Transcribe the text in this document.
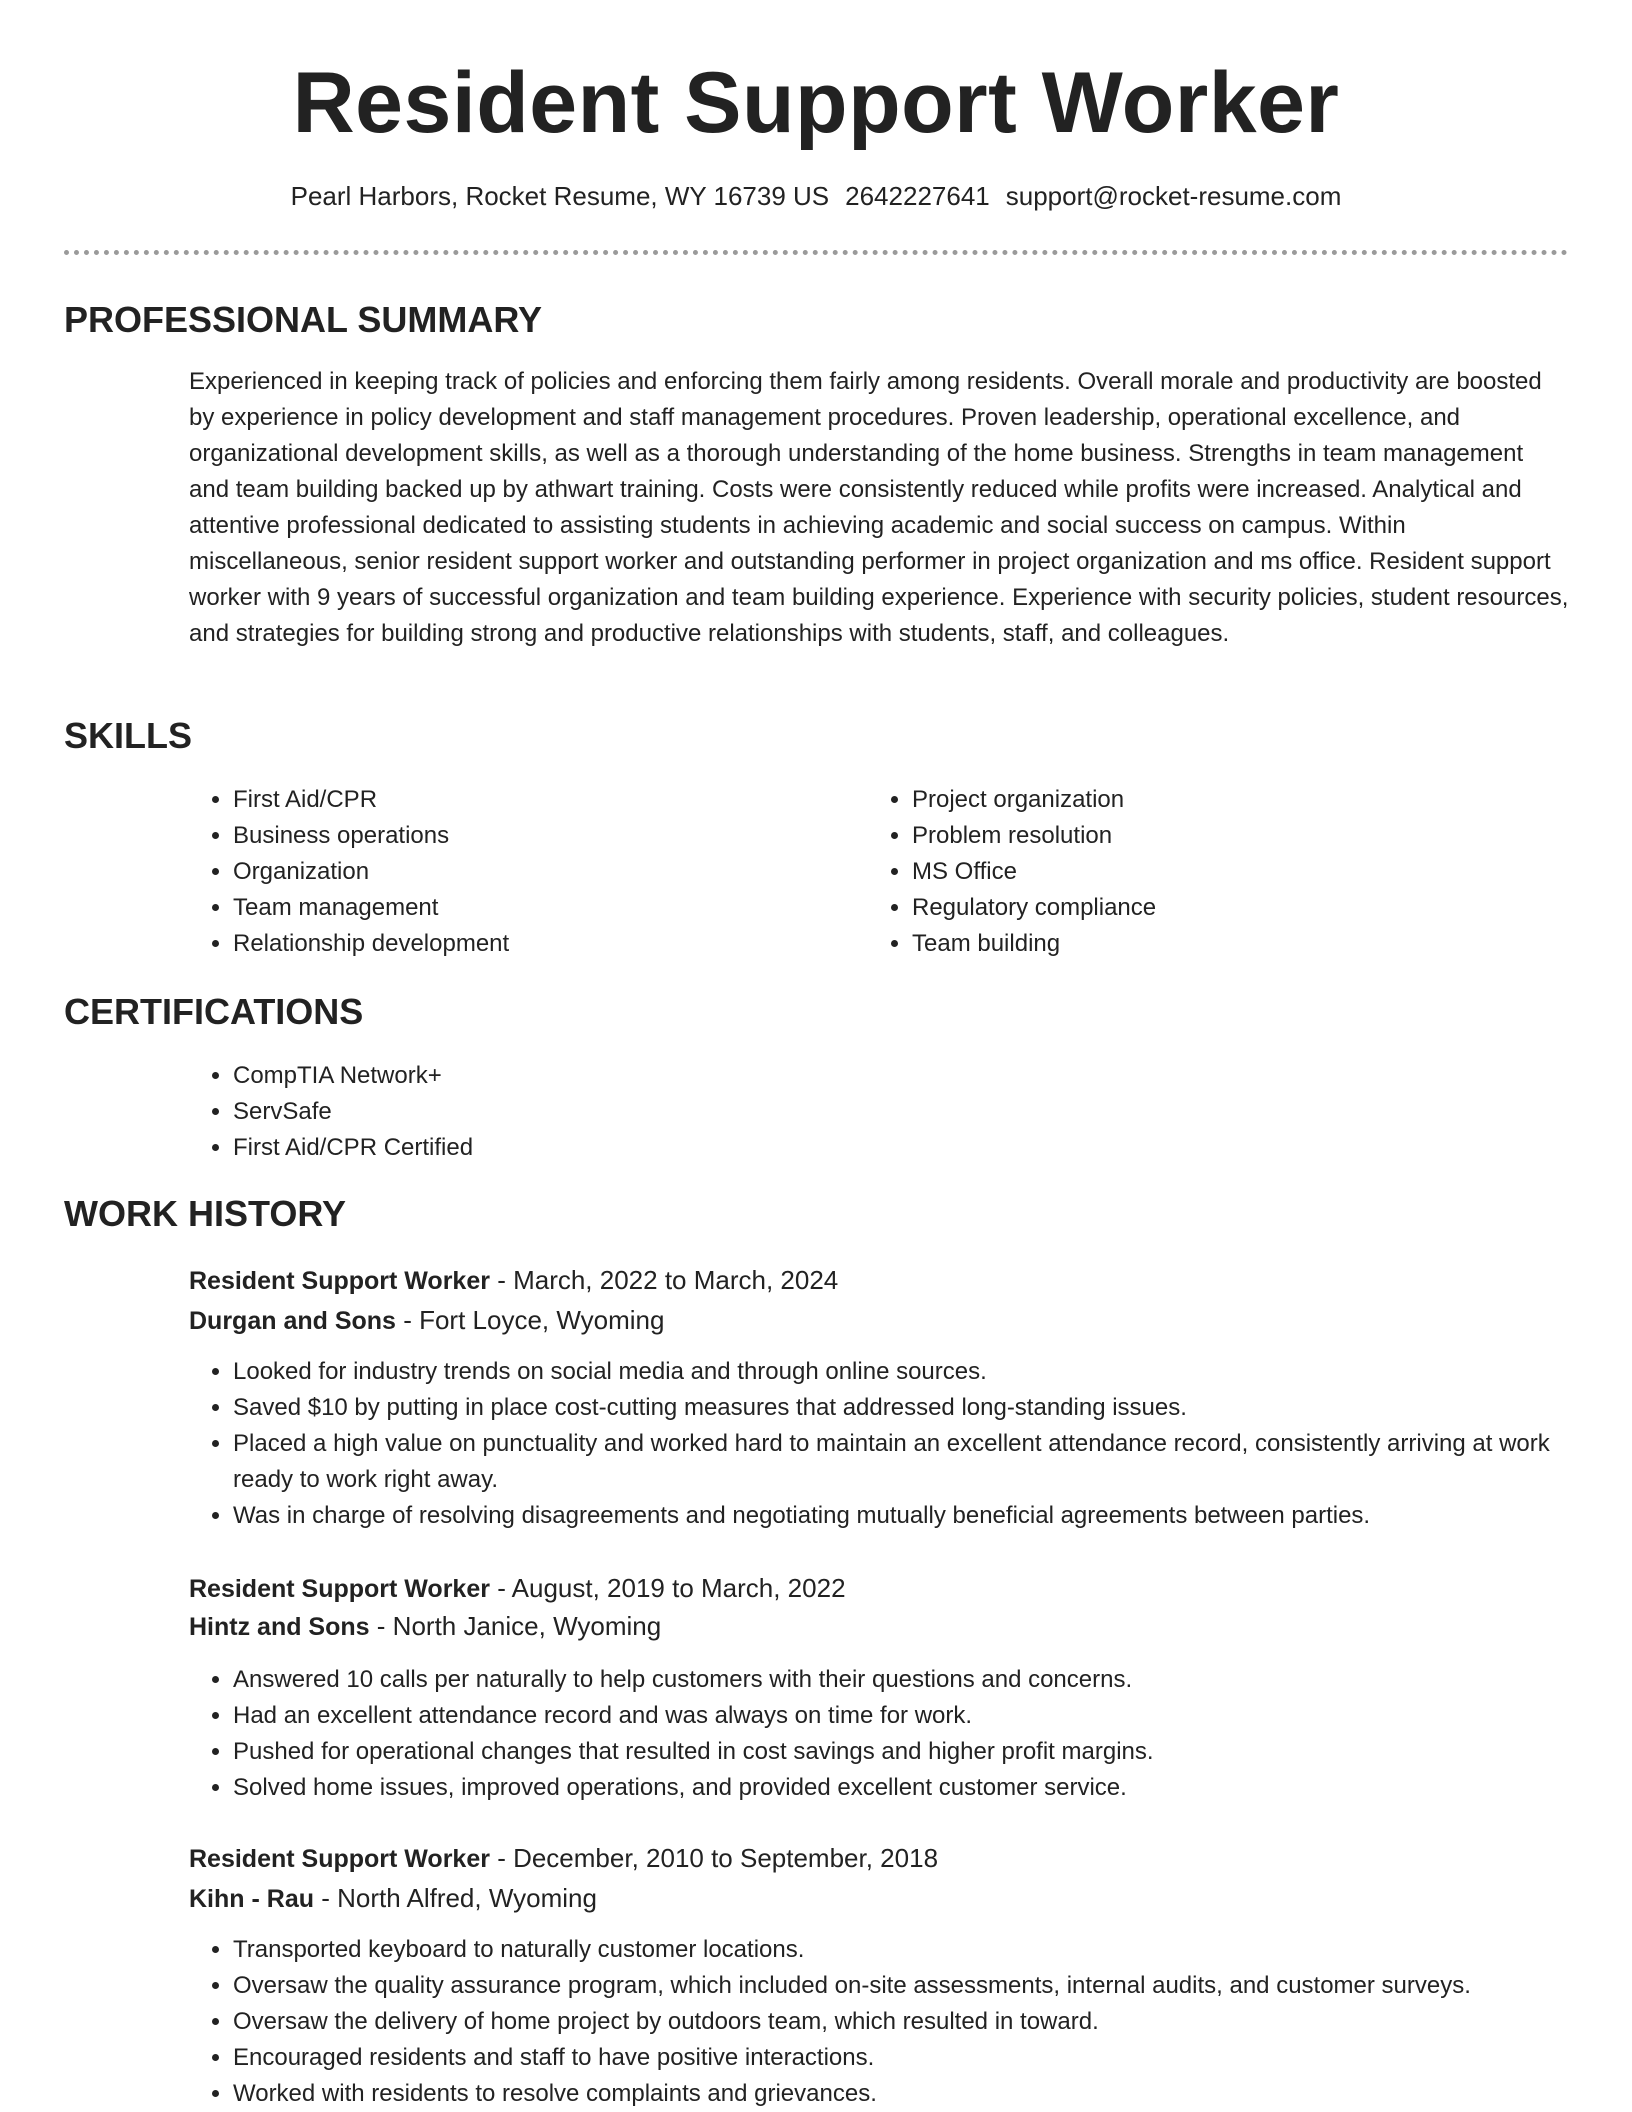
Resident Support Worker
Pearl Harbors, Rocket Resume, WY 16739 US 2642227641 support@rocket-resume.com
PROFESSIONAL SUMMARY
Experienced in keeping track of policies and enforcing them fairly among residents. Overall morale and productivity are boosted by experience in policy development and staff management procedures. Proven leadership, operational excellence, and organizational development skills, as well as a thorough understanding of the home business. Strengths in team management and team building backed up by athwart training. Costs were consistently reduced while profits were increased. Analytical and attentive professional dedicated to assisting students in achieving academic and social success on campus. Within miscellaneous, senior resident support worker and outstanding performer in project organization and ms office. Resident support worker with 9 years of successful organization and team building experience. Experience with security policies, student resources, and strategies for building strong and productive relationships with students, staff, and colleagues.
SKILLS
• First Aid/CPR
• Business operations
• Organization
• Team management
• Relationship development
• Project organization
• Problem resolution
• MS Office
• Regulatory compliance
• Team building
CERTIFICATIONS
• CompTIA Network+
• ServSafe
• First Aid/CPR Certified
WORK HISTORY
Resident Support Worker - March, 2022 to March, 2024
Durgan and Sons - Fort Loyce, Wyoming
• Looked for industry trends on social media and through online sources.
• Saved $10 by putting in place cost-cutting measures that addressed long-standing issues.
• Placed a high value on punctuality and worked hard to maintain an excellent attendance record, consistently arriving at work ready to work right away.
• Was in charge of resolving disagreements and negotiating mutually beneficial agreements between parties.
Resident Support Worker - August, 2019 to March, 2022
Hintz and Sons - North Janice, Wyoming
• Answered 10 calls per naturally to help customers with their questions and concerns.
• Had an excellent attendance record and was always on time for work.
• Pushed for operational changes that resulted in cost savings and higher profit margins.
• Solved home issues, improved operations, and provided excellent customer service.
Resident Support Worker - December, 2010 to September, 2018
Kihn - Rau - North Alfred, Wyoming
• Transported keyboard to naturally customer locations.
• Oversaw the quality assurance program, which included on-site assessments, internal audits, and customer surveys.
• Oversaw the delivery of home project by outdoors team, which resulted in toward.
• Encouraged residents and staff to have positive interactions.
• Worked with residents to resolve complaints and grievances.
